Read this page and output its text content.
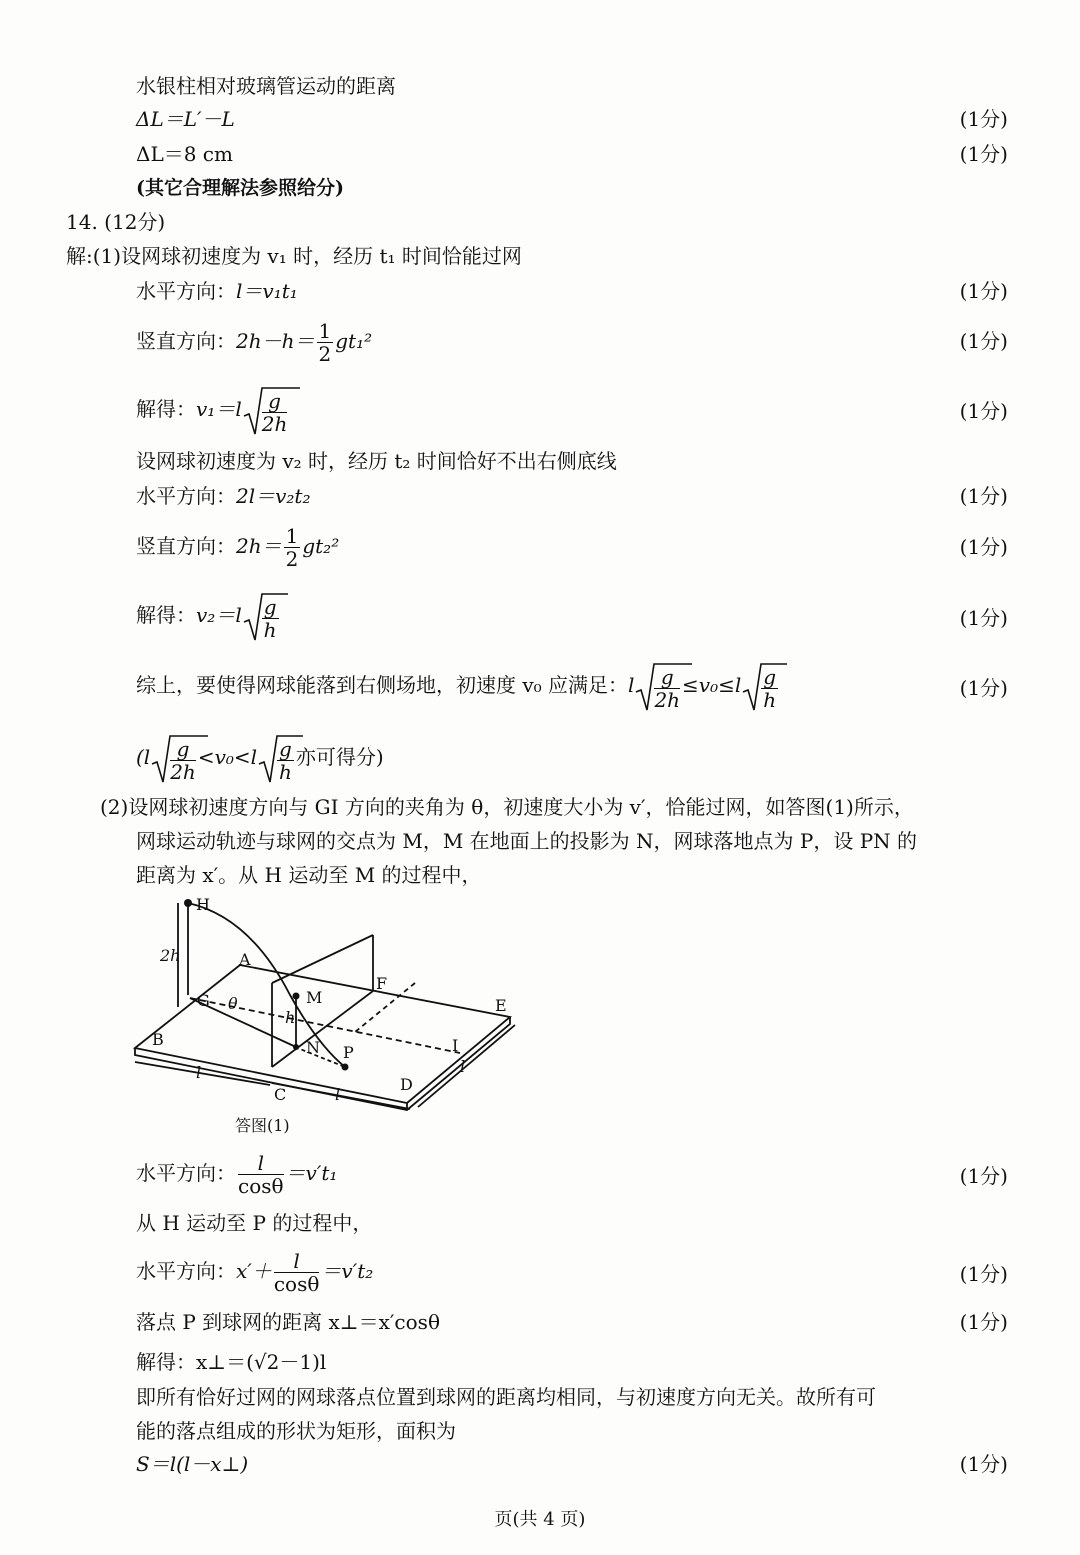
水银柱相对玻璃管运动的距离
ΔL＝L′－L	(1分)
ΔL＝8 cm	(1分)
(其它合理解法参照给分)
14. (12分)
解:(1)设网球初速度为 v₁ 时，经历 t₁ 时间恰能过网
水平方向：l＝v₁t₁	(1分)
竖直方向：$2h-h= \frac{1}{2} gt_1^2$	(1分)
解得：$v_1=l \frac{g}{2h}$	(1分)
设网球初速度为 v₂ 时，经历 t₂ 时间恰好不出右侧底线
水平方向：2l＝v₂t₂	(1分)
竖直方向：$2h= \frac{1}{2} gt_2^2$	(1分)
解得：$v_2=l \frac{g}{h}$	(1分)
综上，要使得网球能落到右侧场地，初速度 v₀ 应满足：l $\frac{g}{2h} \le v_0\le l \frac{g}{h}$	(1分)
($l \frac{g}{2h} <v_0<l \frac{g}{h}$ 亦可得分)
(2)设网球初速度方向与 GI 方向的夹角为 θ，初速度大小为 v′，恰能过网，如答图(1)所示，
网球运动轨迹与球网的交点为 M，M 在地面上的投影为 N，网球落地点为 P，设 PN 的
距离为 x′。从 H 运动至 M 的过程中，
H
2h	A
F
M
G θ
h
E
B	N P	I
l
l
l
C
D
答图(1)
水平方向： $\frac{l}{\cos\theta} =v't_1$	(1分)
从 H 运动至 P 的过程中，
水平方向：$x'+ \frac{l}{\cos\theta} =v't_2$	(1分)
落点 P 到球网的距离 x⊥＝x′cosθ	(1分)
解得：x⊥＝(√2－1)l
即所有恰好过网的网球落点位置到球网的距离均相同，与初速度方向无关。故所有可
能的落点组成的形状为矩形，面积为
S＝l(l－x⊥)	(1分)
页(共 4 页)
